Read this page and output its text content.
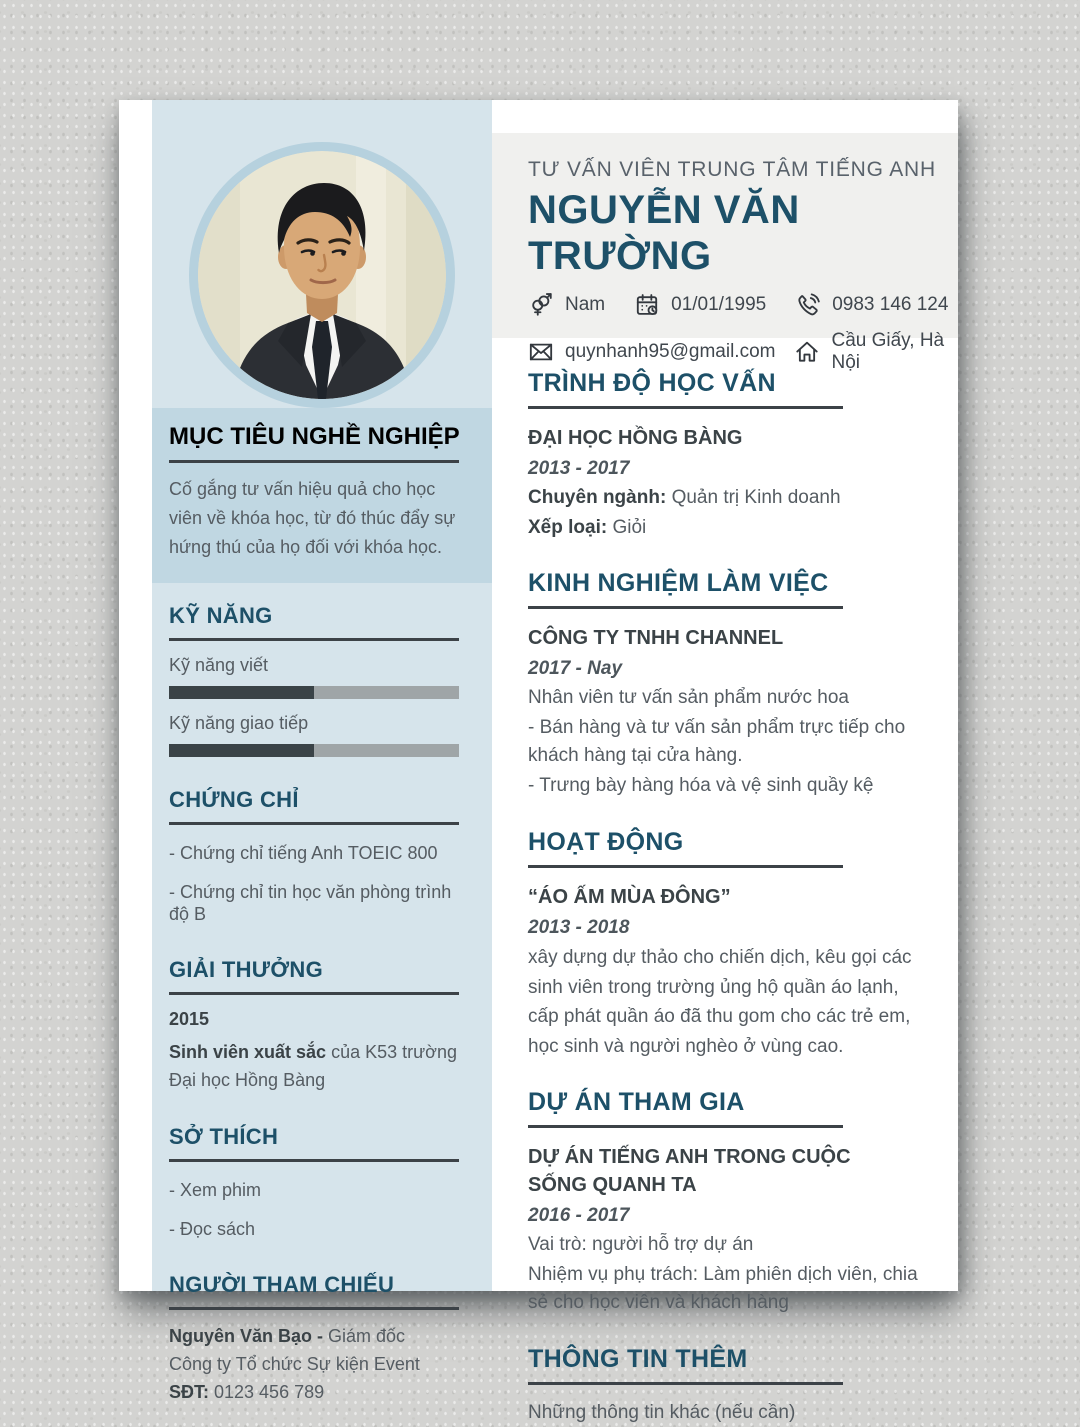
MỤC TIÊU NGHỀ NGHIỆP

Cố gắng tư vấn hiệu quả cho học viên về khóa học, từ đó thúc đẩy sự hứng thú của họ đối với khóa học.

KỸ NĂNG
Kỹ năng viết
Kỹ năng giao tiếp
CHỨNG CHỈ
- Chứng chỉ tiếng Anh TOEIC 800
- Chứng chỉ tin học văn phòng trình độ B
GIẢI THƯỞNG
2015

Sinh viên xuất sắc của K53 trường Đại học Hồng Bàng

SỞ THÍCH
- Xem phim
- Đọc sách
NGƯỜI THAM CHIẾU
Nguyên Văn Bạo - Giám đốc
Công ty Tổ chức Sự kiện Event
SĐT: 0123 456 789
TƯ VẤN VIÊN TRUNG TÂM TIẾNG ANH
NGUYỄN VĂN TRƯỜNG
Nam	01/01/1995	0983 146 124
quynhanh95@gmail.com
Cầu Giấy, Hà Nội
TRÌNH ĐỘ HỌC VẤN
ĐẠI HỌC HỒNG BÀNG
2013 - 2017
Chuyên ngành: Quản trị Kinh doanh
Xếp loại: Giỏi
KINH NGHIỆM LÀM VIỆC
CÔNG TY TNHH CHANNEL
2017 - Nay
Nhân viên tư vấn sản phẩm nước hoa
- Bán hàng và tư vấn sản phẩm trực tiếp cho khách hàng tại cửa hàng.
- Trưng bày hàng hóa và vệ sinh quầy kệ
HOẠT ĐỘNG
“ÁO ẤM MÙA ĐÔNG”
2013 - 2018

xây dựng dự thảo cho chiến dịch, kêu gọi các sinh viên trong trường ủng hộ quần áo lạnh, cấp phát quần áo đã thu gom cho các trẻ em, học sinh và người nghèo ở vùng cao.

DỰ ÁN THAM GIA
DỰ ÁN TIẾNG ANH TRONG CUỘC SỐNG QUANH TA
2016 - 2017
Vai trò: người hỗ trợ dự án
Nhiệm vụ phụ trách: Làm phiên dịch viên, chia sẻ cho học viên và khách hàng
THÔNG TIN THÊM
Những thông tin khác (nếu cần)
